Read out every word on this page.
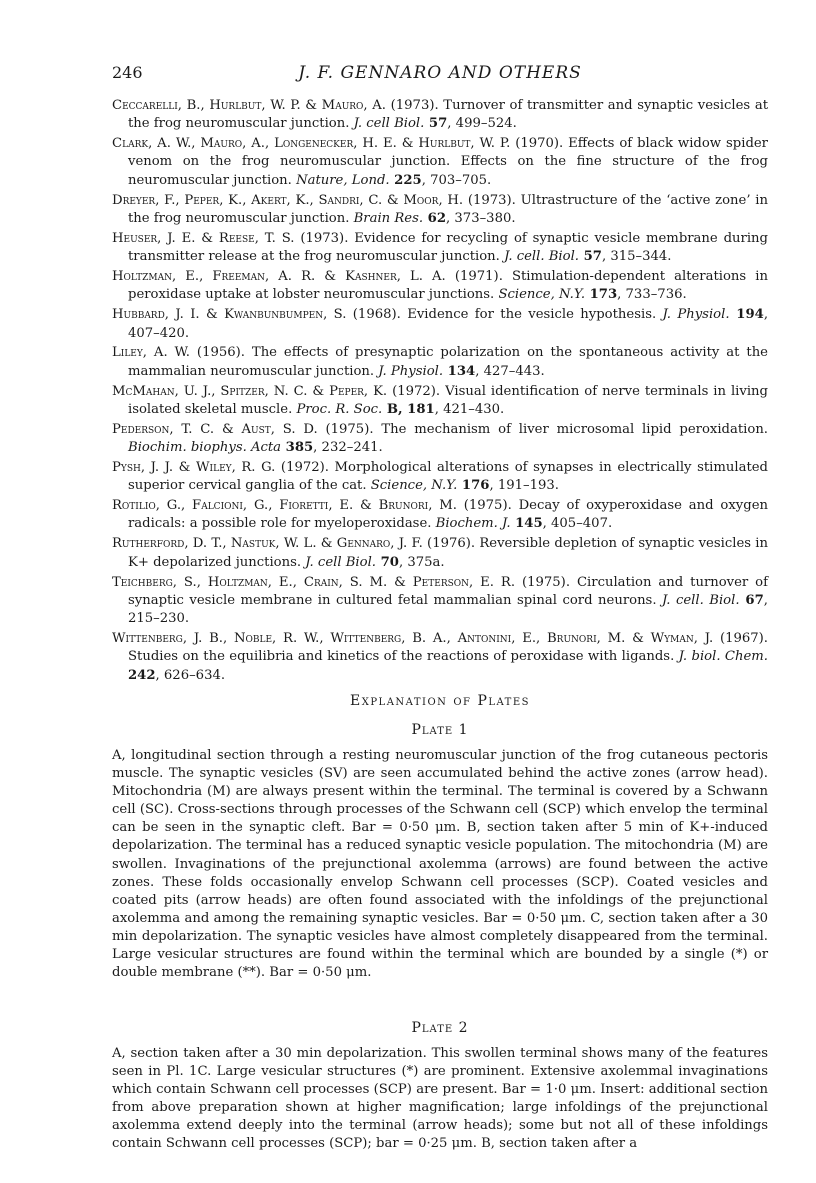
246	J. F. GENNARO AND OTHERS

Ceccarelli, B., Hurlbut, W. P. & Mauro, A. (1973). Turnover of transmitter and synaptic vesicles at the frog neuromuscular junction. J. cell Biol. 57, 499–524.

Clark, A. W., Mauro, A., Longenecker, H. E. & Hurlbut, W. P. (1970). Effects of black widow spider venom on the frog neuromuscular junction. Effects on the fine structure of the frog neuromuscular junction. Nature, Lond. 225, 703–705.

Dreyer, F., Peper, K., Akert, K., Sandri, C. & Moor, H. (1973). Ultrastructure of the ‘active zone’ in the frog neuromuscular junction. Brain Res. 62, 373–380.

Heuser, J. E. & Reese, T. S. (1973). Evidence for recycling of synaptic vesicle membrane during transmitter release at the frog neuromuscular junction. J. cell. Biol. 57, 315–344.

Holtzman, E., Freeman, A. R. & Kashner, L. A. (1971). Stimulation-dependent alterations in peroxidase uptake at lobster neuromuscular junctions. Science, N.Y. 173, 733–736.

Hubbard, J. I. & Kwanbunbumpen, S. (1968). Evidence for the vesicle hypothesis. J. Physiol. 194, 407–420.

Liley, A. W. (1956). The effects of presynaptic polarization on the spontaneous activity at the mammalian neuromuscular junction. J. Physiol. 134, 427–443.

McMahan, U. J., Spitzer, N. C. & Peper, K. (1972). Visual identification of nerve terminals in living isolated skeletal muscle. Proc. R. Soc. B, 181, 421–430.

Pederson, T. C. & Aust, S. D. (1975). The mechanism of liver microsomal lipid peroxidation. Biochim. biophys. Acta 385, 232–241.

Pysh, J. J. & Wiley, R. G. (1972). Morphological alterations of synapses in electrically stimulated superior cervical ganglia of the cat. Science, N.Y. 176, 191–193.

Rotilio, G., Falcioni, G., Fioretti, E. & Brunori, M. (1975). Decay of oxyperoxidase and oxygen radicals: a possible role for myeloperoxidase. Biochem. J. 145, 405–407.

Rutherford, D. T., Nastuk, W. L. & Gennaro, J. F. (1976). Reversible depletion of synaptic vesicles in K+ depolarized junctions. J. cell Biol. 70, 375a.

Teichberg, S., Holtzman, E., Crain, S. M. & Peterson, E. R. (1975). Circulation and turnover of synaptic vesicle membrane in cultured fetal mammalian spinal cord neurons. J. cell. Biol. 67, 215–230.

Wittenberg, J. B., Noble, R. W., Wittenberg, B. A., Antonini, E., Brunori, M. & Wyman, J. (1967). Studies on the equilibria and kinetics of the reactions of peroxidase with ligands. J. biol. Chem. 242, 626–634.

Explanation of Plates
Plate 1

A, longitudinal section through a resting neuromuscular junction of the frog cutaneous pectoris muscle. The synaptic vesicles (SV) are seen accumulated behind the active zones (arrow head). Mitochondria (M) are always present within the terminal. The terminal is covered by a Schwann cell (SC). Cross-sections through processes of the Schwann cell (SCP) which envelop the terminal can be seen in the synaptic cleft. Bar = 0·50 μm. B, section taken after 5 min of K+-induced depolarization. The terminal has a reduced synaptic vesicle population. The mitochondria (M) are swollen. Invaginations of the prejunctional axolemma (arrows) are found between the active zones. These folds occasionally envelop Schwann cell processes (SCP). Coated vesicles and coated pits (arrow heads) are often found associated with the infoldings of the prejunctional axolemma and among the remaining synaptic vesicles. Bar = 0·50 μm. C, section taken after a 30 min depolarization. The synaptic vesicles have almost completely disappeared from the terminal. Large vesicular structures are found within the terminal which are bounded by a single (*) or double membrane (**). Bar = 0·50 μm.

Plate 2

A, section taken after a 30 min depolarization. This swollen terminal shows many of the features seen in Pl. 1C. Large vesicular structures (*) are prominent. Extensive axolemmal invaginations which contain Schwann cell processes (SCP) are present. Bar = 1·0 μm. Insert: additional section from above preparation shown at higher magnification; large infoldings of the prejunctional axolemma extend deeply into the terminal (arrow heads); some but not all of these infoldings contain Schwann cell processes (SCP); bar = 0·25 μm. B, section taken after a
